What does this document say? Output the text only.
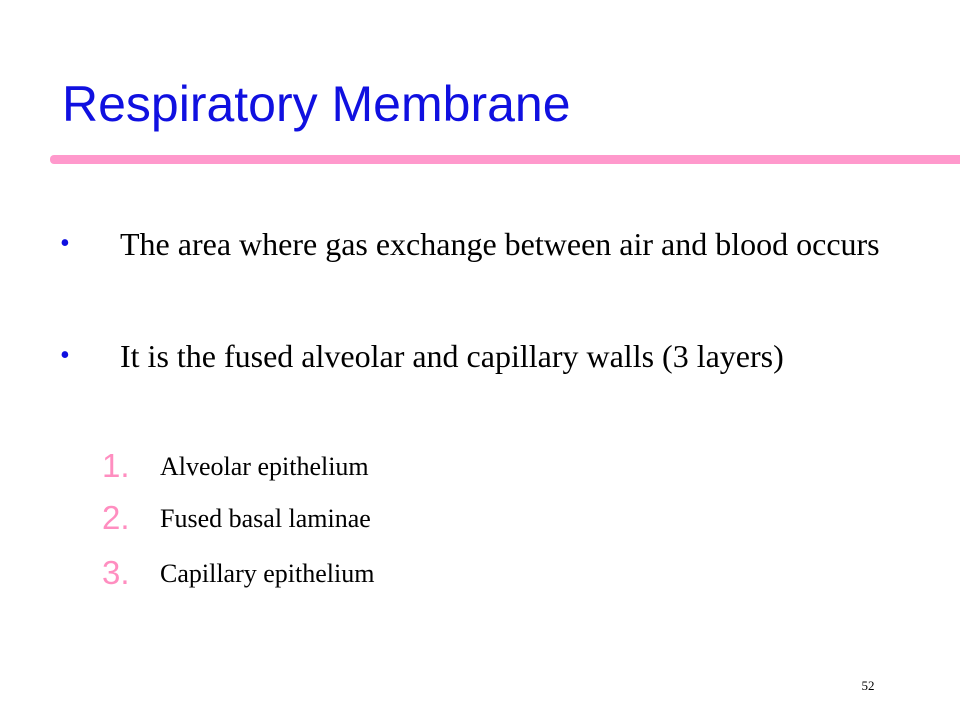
Respiratory Membrane
• The area where gas exchange between air and blood occurs
• It is the fused alveolar and capillary walls (3 layers)
1. Alveolar epithelium
2. Fused basal laminae
3. Capillary epithelium
52
